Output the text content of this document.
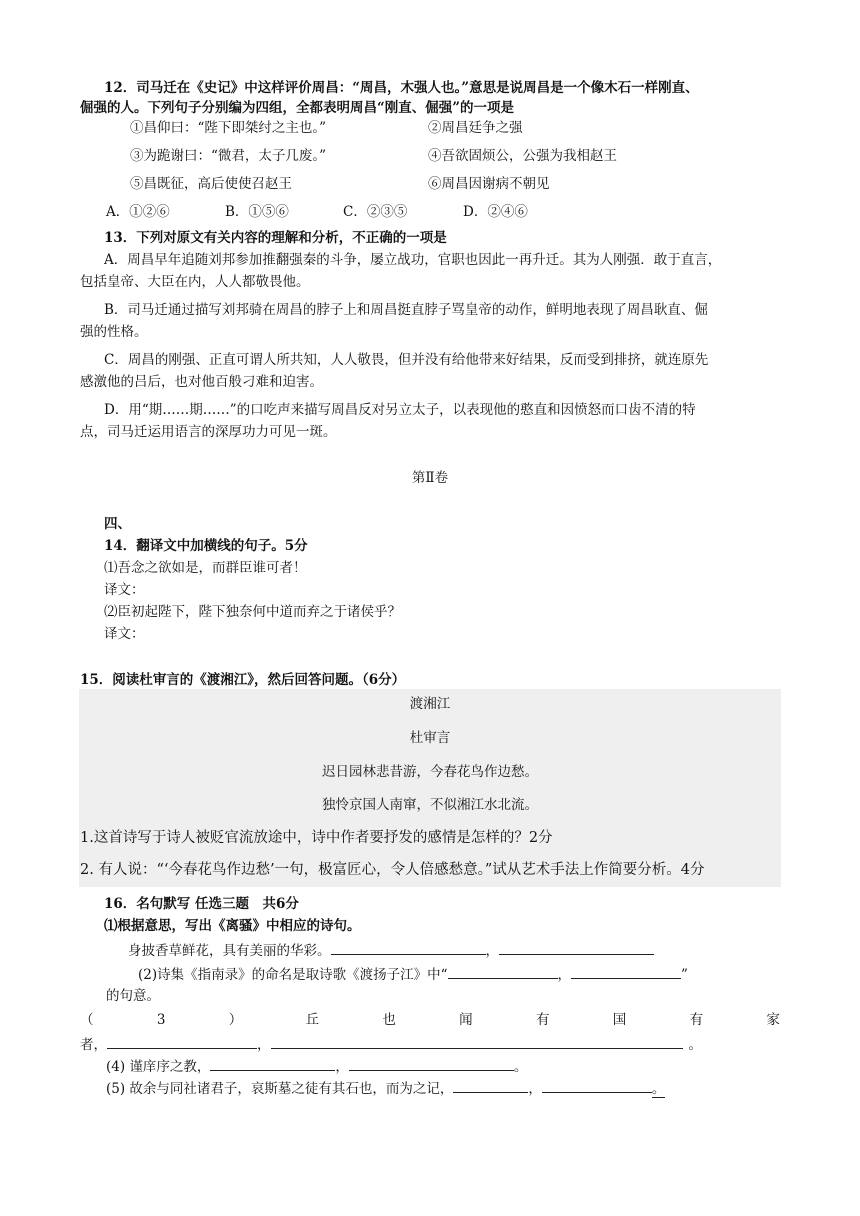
12．司马迁在《史记》中这样评价周昌：“周昌，木强人也。”意思是说周昌是一个像木石一样刚直、
倔强的人。下列句子分别编为四组，全都表明周昌“刚直、倔强”的一项是
①昌仰曰：“陛下即桀纣之主也。”	②周昌廷争之强
③为跪谢曰：“微君，太子几废。”	④吾欲固烦公，公强为我相赵王
⑤昌既征，高后使使召赵王	⑥周昌因谢病不朝见
A．①②⑥	B．①⑤⑥	C．②③⑤	D．②④⑥
13．下列对原文有关内容的理解和分析，不正确的一项是
A．周昌早年追随刘邦参加推翻强秦的斗争，屡立战功，官职也因此一再升迁。其为人刚强．敢于直言，
包括皇帝、大臣在内，人人都敬畏他。
B．司马迁通过描写刘邦骑在周昌的脖子上和周昌挺直脖子骂皇帝的动作，鲜明地表现了周昌耿直、倔
强的性格。
C．周昌的刚强、正直可谓人所共知，人人敬畏，但并没有给他带来好结果，反而受到排挤，就连原先
感激他的吕后，也对他百般刁难和迫害。
D．用“期……期……”的口吃声来描写周昌反对另立太子，以表现他的憨直和因愤怒而口齿不清的特
点，司马迁运用语言的深厚功力可见一斑。
第Ⅱ卷
四、
14．翻译文中加横线的句子。5分
⑴吾念之欲如是，而群臣谁可者！
译文：
⑵臣初起陛下，陛下独奈何中道而弃之于诸侯乎？
译文：
15．阅读杜审言的《渡湘江》，然后回答问题。（6分）
渡湘江
杜审言
迟日园林悲昔游，今春花鸟作边愁。
独怜京国人南窜，不似湘江水北流。
1.这首诗写于诗人被贬官流放途中，诗中作者要抒发的感情是怎样的？2分
2. 有人说：“‘今春花鸟作边愁’一句，极富匠心，令人倍感愁意。”试从艺术手法上作简要分析。4分
16．名句默写 任选三题　共6分
⑴根据意思，写出《离骚》中相应的诗句。
身披香草鲜花，具有美丽的华彩。	，
(2)诗集《指南录》的命名是取诗歌《渡扬子江》中“	，	”
的句意。
（	3	）	丘	也	闻	有	国	有	家
者，	，	。
(4) 谨庠序之教，	，	。
(5) 故余与同社诸君子，哀斯墓之徒有其石也，而为之记，	，	。
